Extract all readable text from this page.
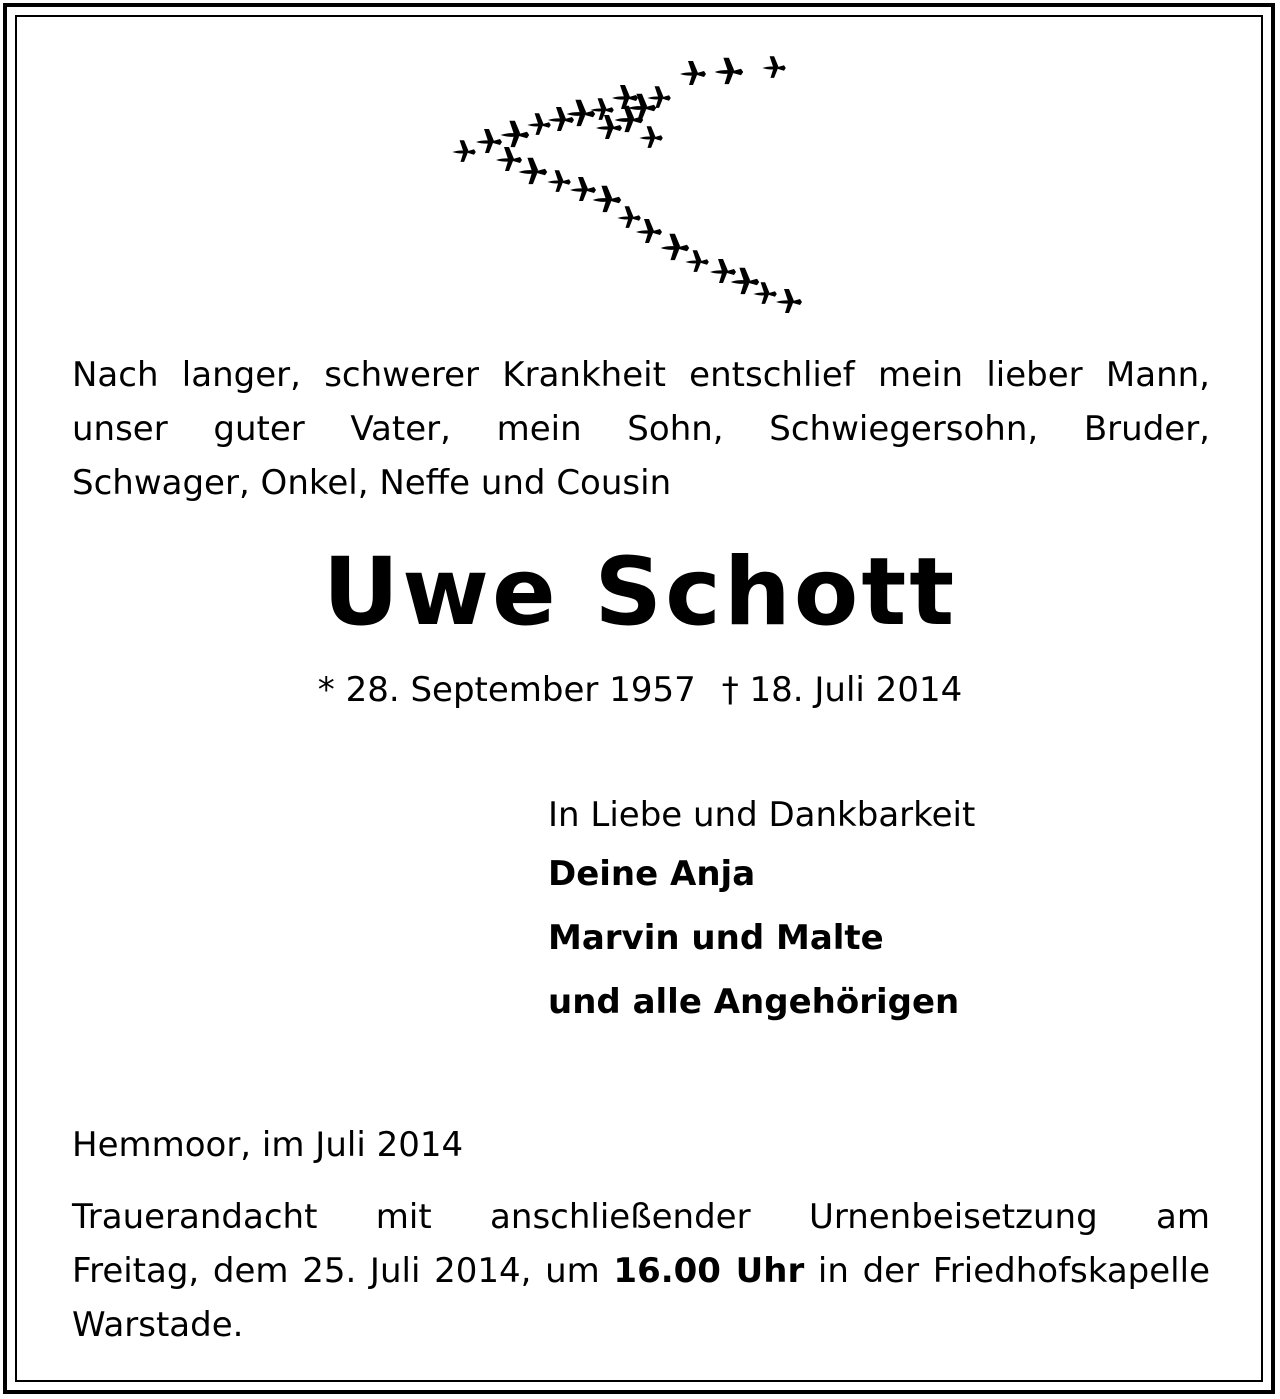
Nach langer, schwerer Krankheit entschlief mein lieber Mann,
unser guter Vater, mein Sohn, Schwiegersohn, Bruder,
Schwager, Onkel, Neffe und Cousin
Uwe Schott
* 28. September 1957 † 18. Juli 2014
In Liebe und Dankbarkeit
Deine Anja
Marvin und Malte
und alle Angehörigen
Hemmoor, im Juli 2014
Trauerandacht mit anschließender Urnenbeisetzung am
Freitag, dem 25. Juli 2014, um 16.00 Uhr in der Friedhofskapelle
Warstade.
